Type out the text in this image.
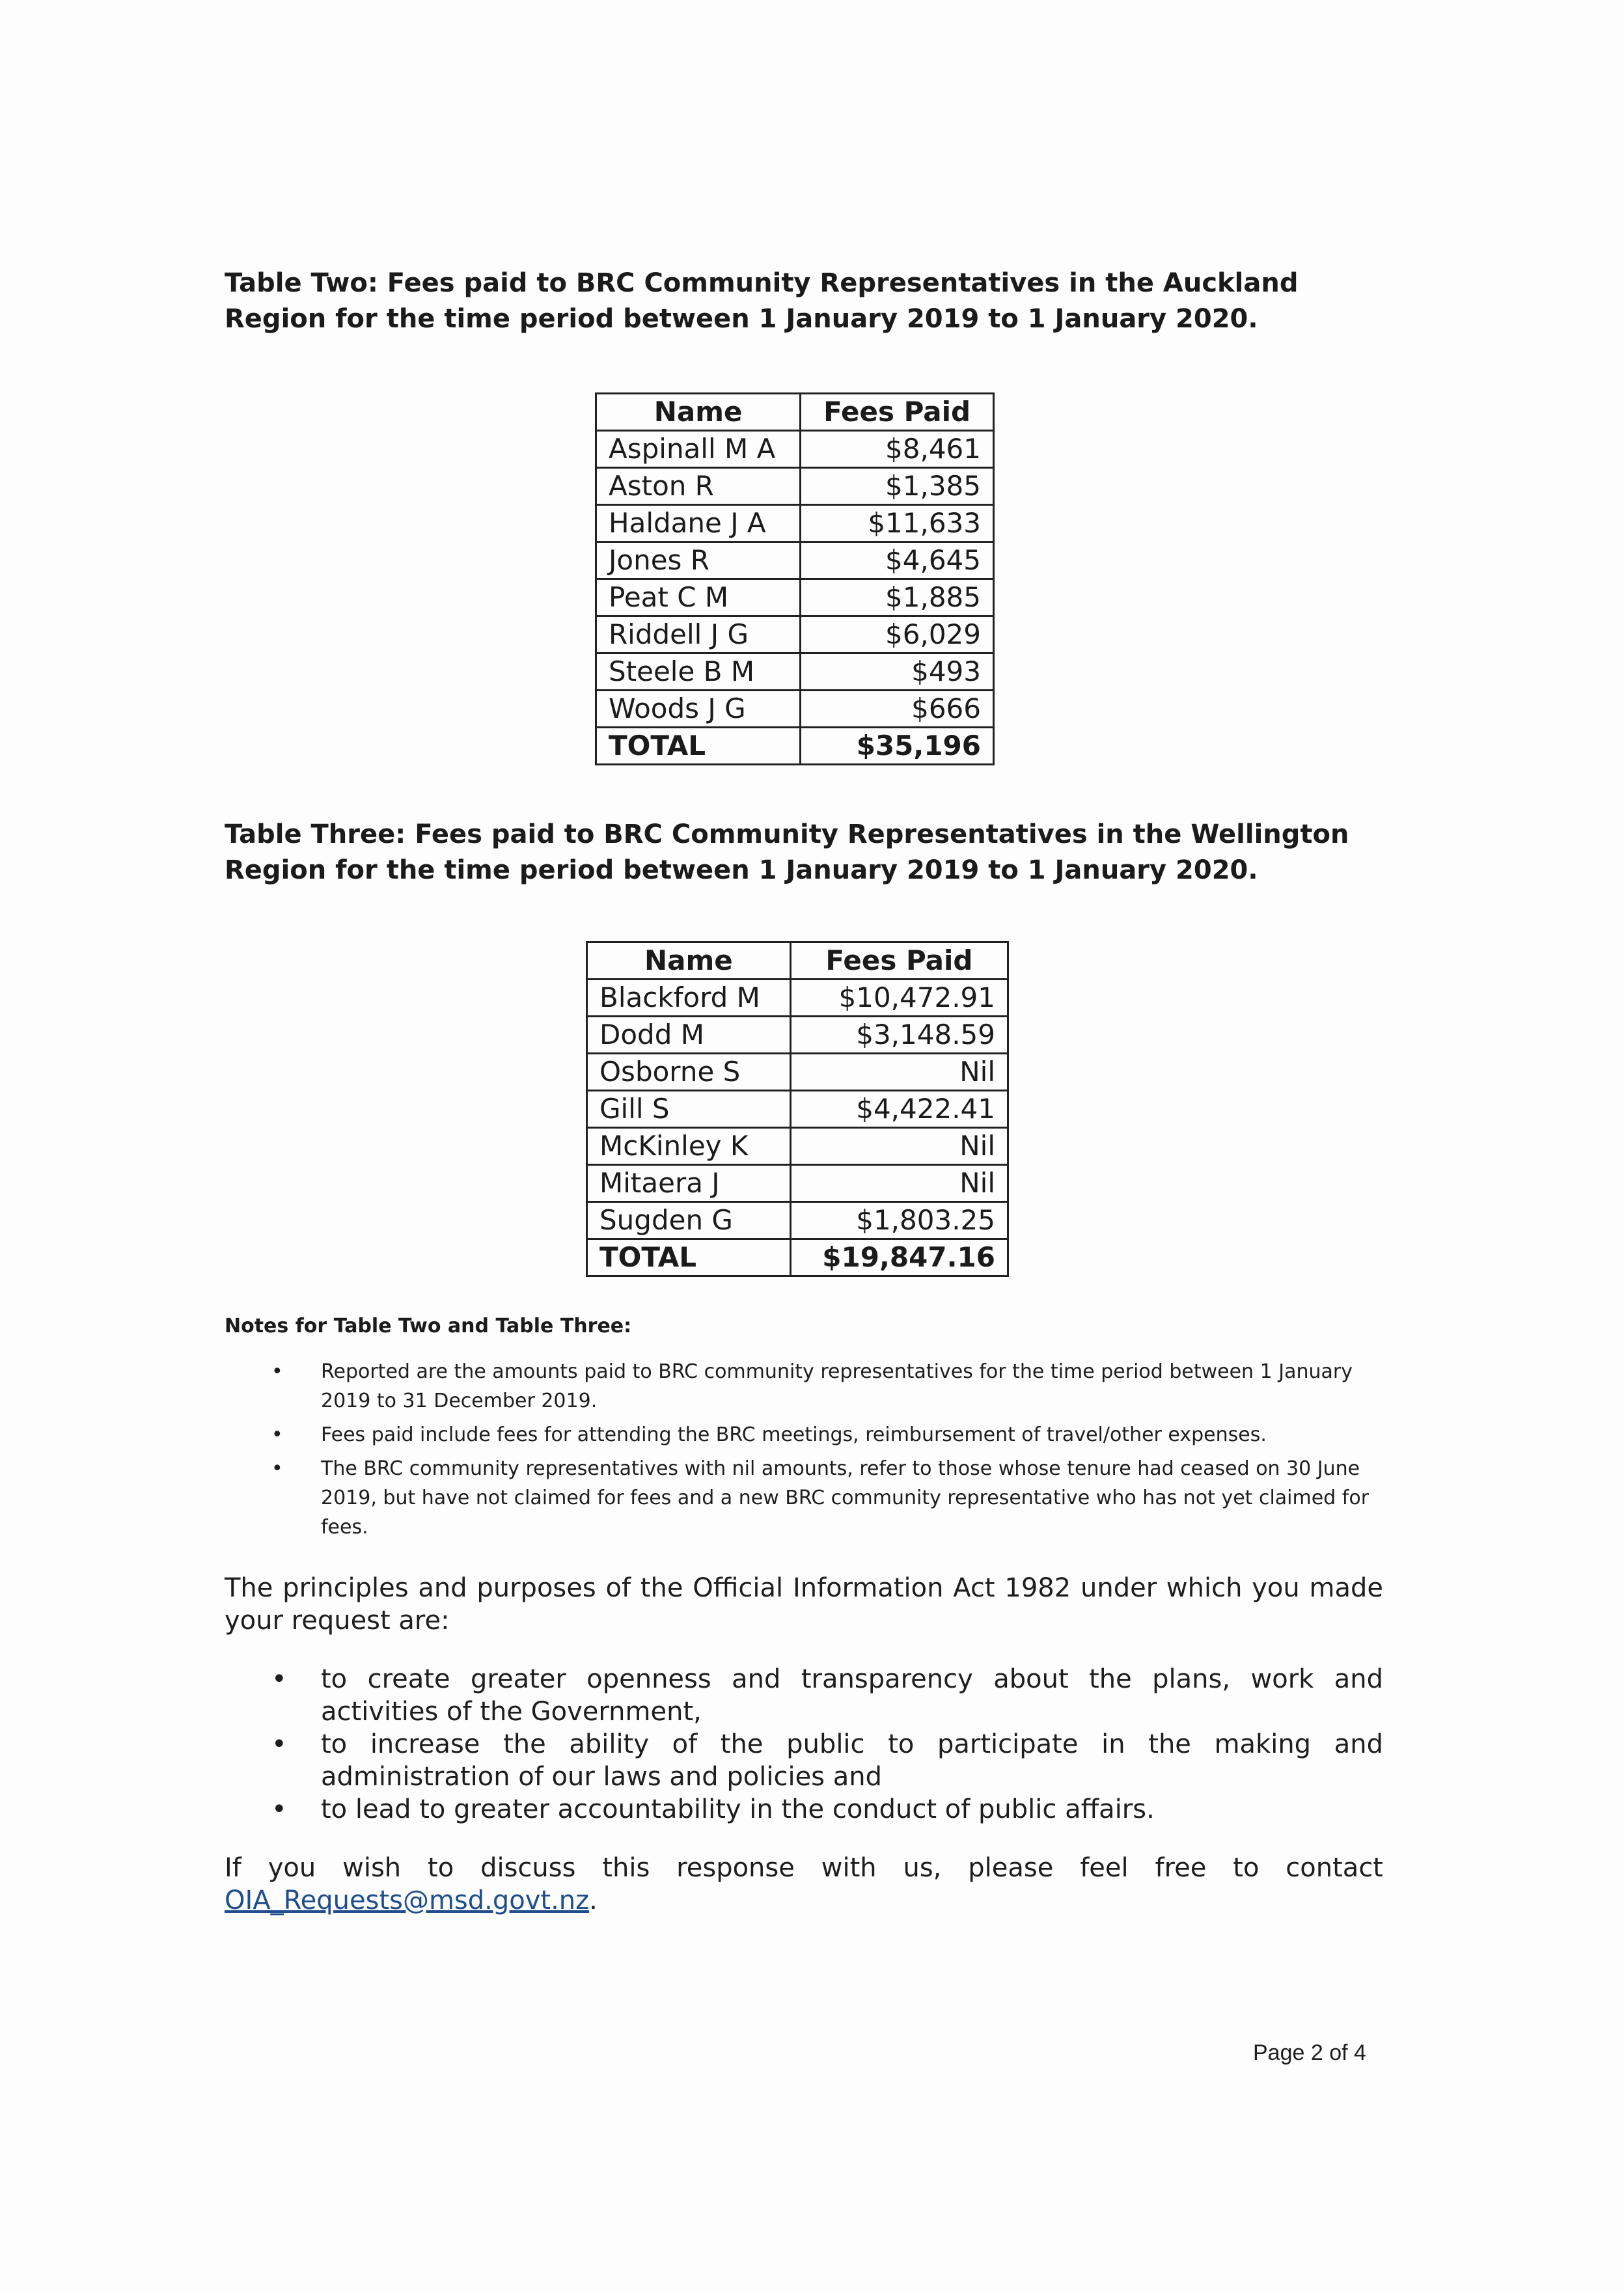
Table Two: Fees paid to BRC Community Representatives in the Auckland
Region for the time period between 1 January 2019 to 1 January 2020.
Name	Fees Paid
Aspinall M A	$8,461
Aston R	$1,385
Haldane J A	$11,633
Jones R	$4,645
Peat C M	$1,885
Riddell J G	$6,029
Steele B M	$493
Woods J G	$666
TOTAL	$35,196
Table Three: Fees paid to BRC Community Representatives in the Wellington
Region for the time period between 1 January 2019 to 1 January 2020.
Name	Fees Paid
Blackford M	$10,472.91
Dodd M	$3,148.59
Osborne S	Nil
Gill S	$4,422.41
McKinley K	Nil
Mitaera J	Nil
Sugden G	$1,803.25
TOTAL	$19,847.16
Notes for Table Two and Table Three:
• Reported are the amounts paid to BRC community representatives for the time period between 1 January 2019 to 31 December 2019.
• Fees paid include fees for attending the BRC meetings, reimbursement of travel/other expenses.
• The BRC community representatives with nil amounts, refer to those whose tenure had ceased on 30 June 2019, but have not claimed for fees and a new BRC community representative who has not yet claimed for fees.
The principles and purposes of the Official Information Act 1982 under which you made your request are:
• to create greater openness and transparency about the plans, work and activities of the Government,
• to increase the ability of the public to participate in the making and administration of our laws and policies and
• to lead to greater accountability in the conduct of public affairs.
If you wish to discuss this response with us, please feel free to contact
OIA_Requests@msd.govt.nz.
Page 2 of 4
